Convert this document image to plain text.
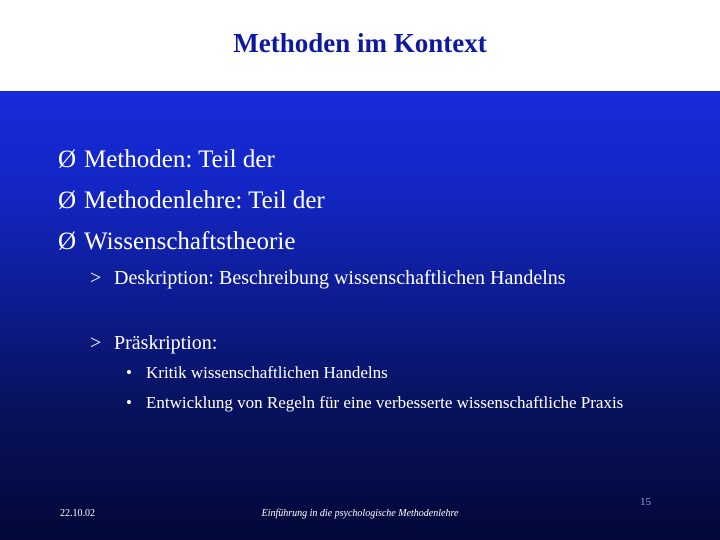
Methoden im Kontext
Ø Methoden: Teil der
Ø Methodenlehre: Teil der
Ø Wissenschaftstheorie
> Deskription: Beschreibung wissenschaftlichen Handelns
> Präskription:
• Kritik wissenschaftlichen Handelns
• Entwicklung von Regeln für eine verbesserte wissenschaftliche Praxis
22.10.02	Einführung in die psychologische Methodenlehre
15
